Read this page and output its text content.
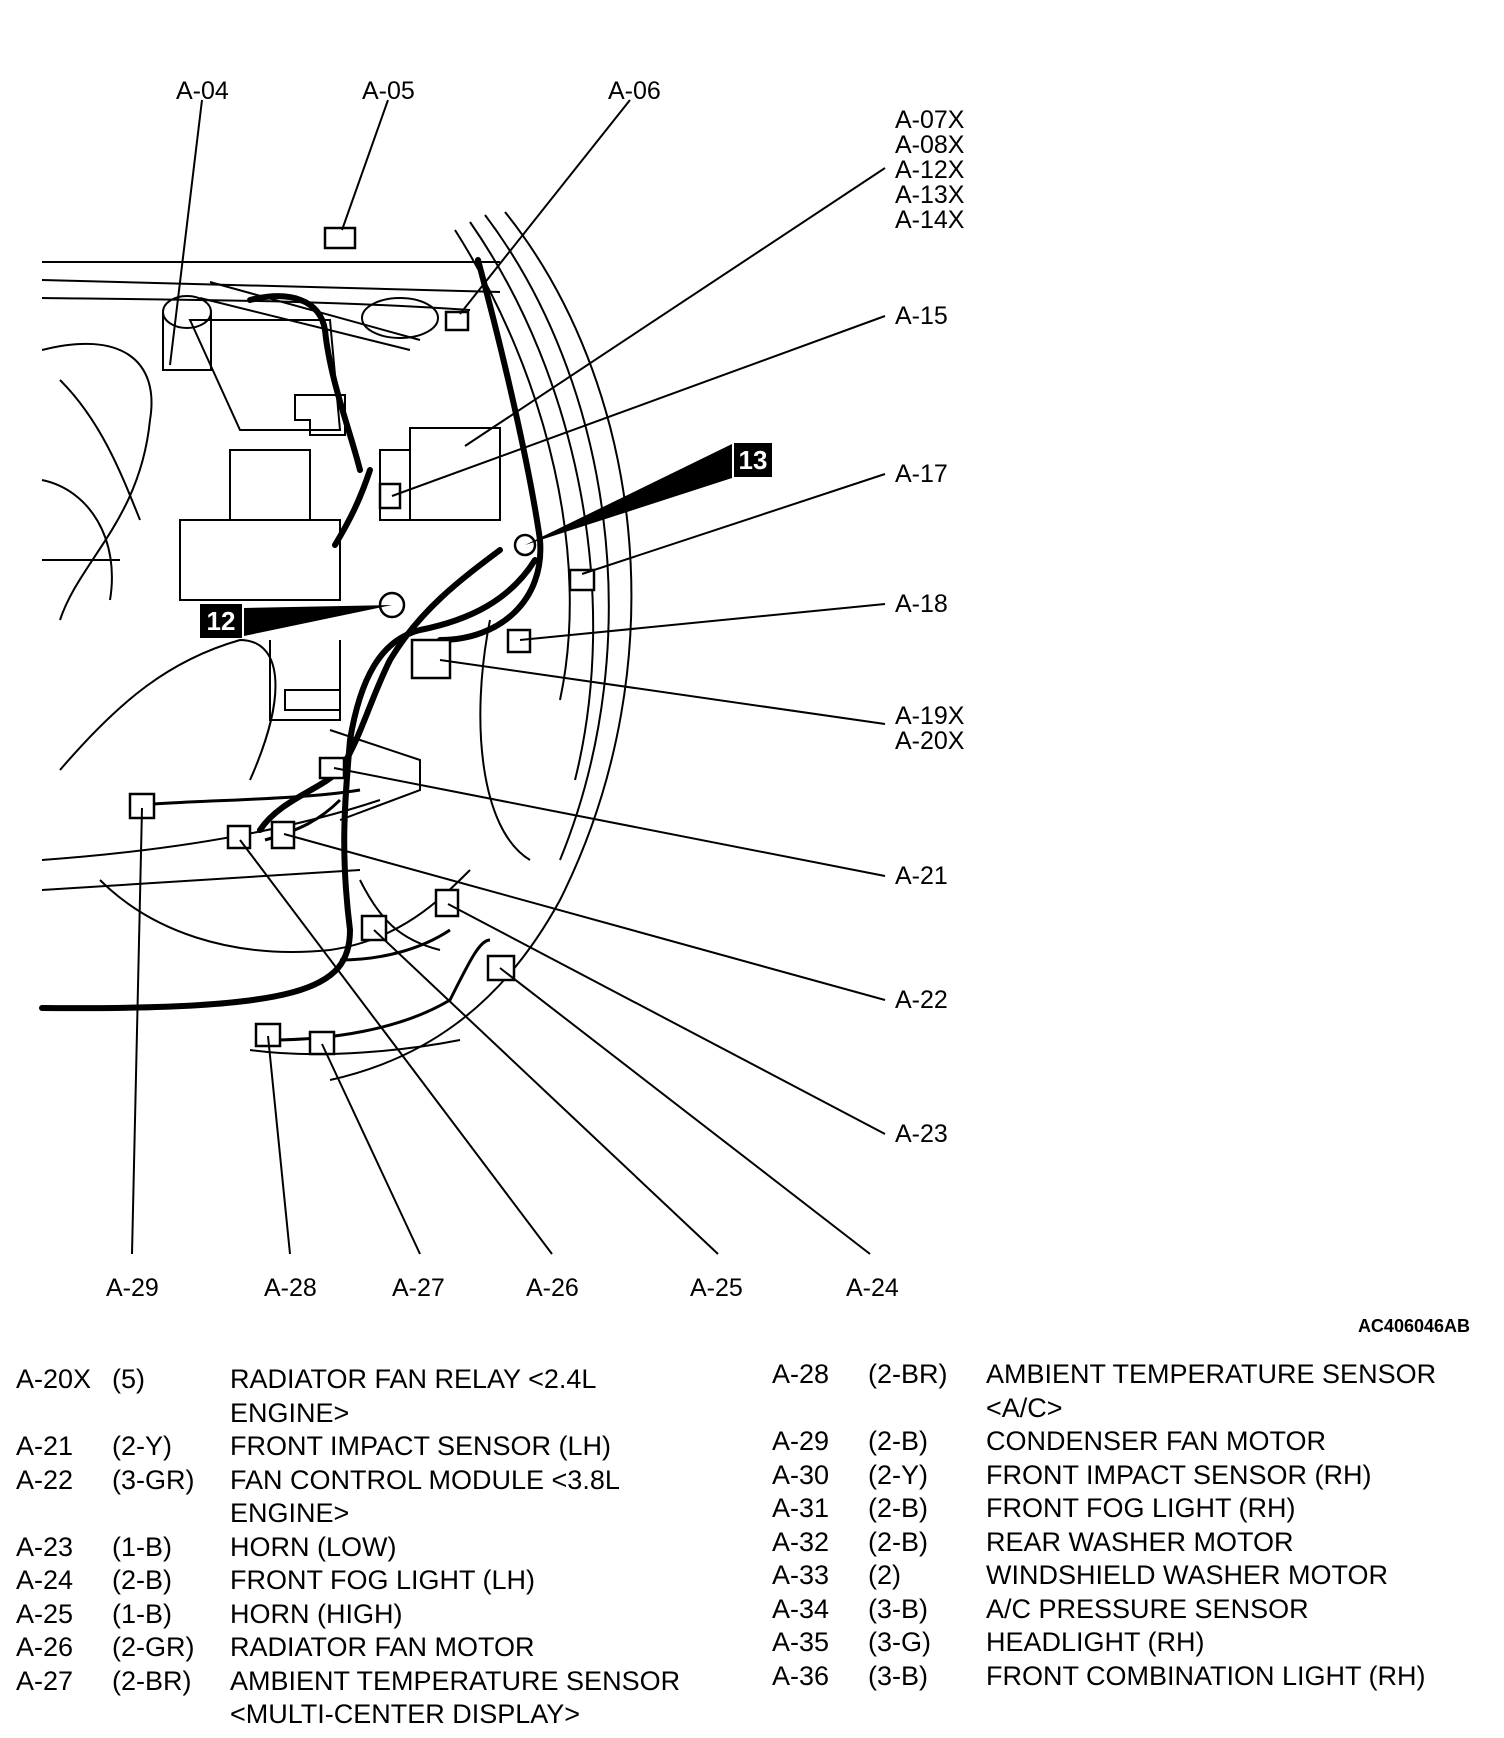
12
13
A-04	A-05	A-06
A-07X
A-08X
A-12X
A-13X
A-14X
A-15
A-17
A-18
A-19X
A-20X
A-21
A-22
A-23
A-24
A-25
A-26
A-27
A-28
A-29
AC406046AB
A-20X (5)	RADIATOR FAN RELAY <2.4L
ENGINE>
A-21	(2-Y)	FRONT IMPACT SENSOR (LH)
A-22	(3-GR)	FAN CONTROL MODULE <3.8L
ENGINE>
A-23	(1-B)	HORN (LOW)
A-24	(2-B)	FRONT FOG LIGHT (LH)
A-25	(1-B)	HORN (HIGH)
A-26	(2-GR)	RADIATOR FAN MOTOR
A-27	(2-BR)	AMBIENT TEMPERATURE SENSOR
<MULTI-CENTER DISPLAY>
A-28	(2-BR)	AMBIENT TEMPERATURE SENSOR
<A/C>
A-29	(2-B)	CONDENSER FAN MOTOR
A-30	(2-Y)	FRONT IMPACT SENSOR (RH)
A-31	(2-B)	FRONT FOG LIGHT (RH)
A-32	(2-B)	REAR WASHER MOTOR
A-33	(2)	WINDSHIELD WASHER MOTOR
A-34	(3-B)	A/C PRESSURE SENSOR
A-35	(3-G)	HEADLIGHT (RH)
A-36	(3-B)	FRONT COMBINATION LIGHT (RH)
